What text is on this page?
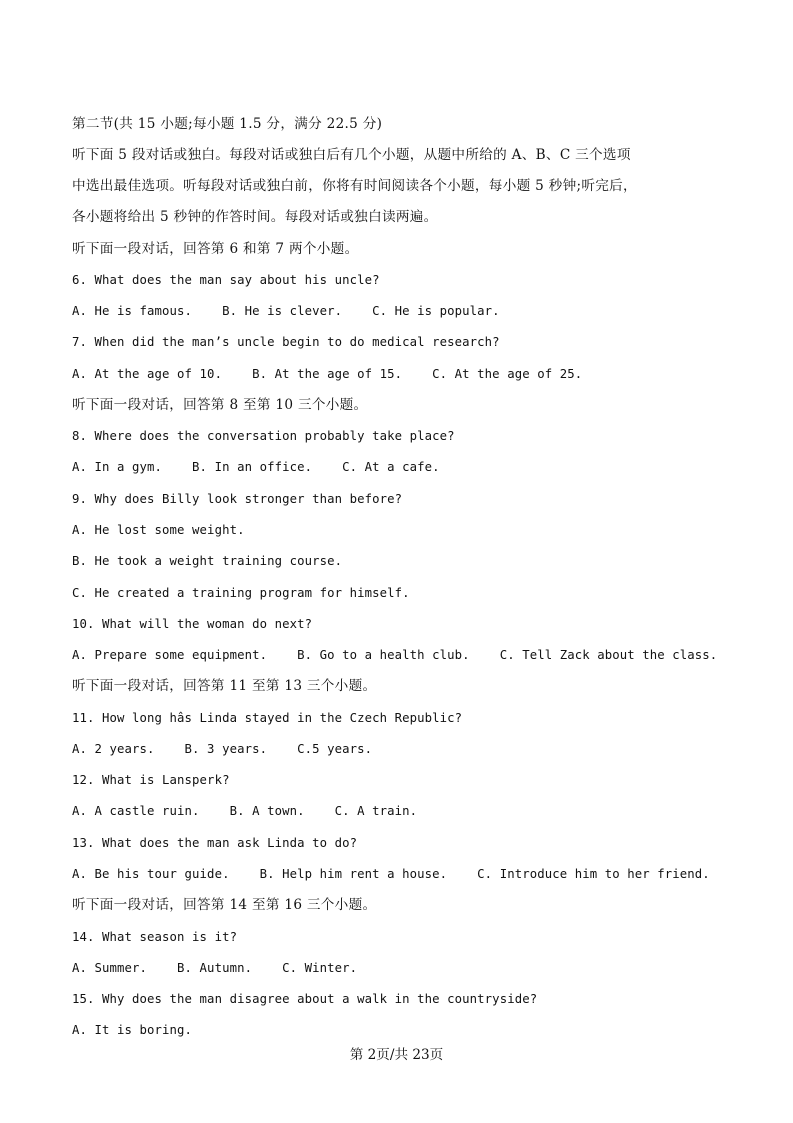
第二节(共 15 小题;每小题 1.5 分，满分 22.5 分)
听下面 5 段对话或独白。每段对话或独白后有几个小题，从题中所给的 A、B、C 三个选项
中选出最佳选项。听每段对话或独白前，你将有时间阅读各个小题，每小题 5 秒钟;听完后，
各小题将给出 5 秒钟的作答时间。每段对话或独白读两遍。
听下面一段对话，回答第 6 和第 7 两个小题。
6. What does the man say about his uncle?
A. He is famous.    B. He is clever.    C. He is popular.
7. When did the man’s uncle begin to do medical research?
A. At the age of 10.    B. At the age of 15.    C. At the age of 25.
听下面一段对话，回答第 8 至第 10 三个小题。
8. Where does the conversation probably take place?
A. In a gym.    B. In an office.    C. At a cafe.
9. Why does Billy look stronger than before?
A. He lost some weight.
B. He took a weight training course.
C. He created a training program for himself.
10. What will the woman do next?
A. Prepare some equipment.    B. Go to a health club.    C. Tell Zack about the class.
听下面一段对话，回答第 11 至第 13 三个小题。
11. How long hâs Linda stayed in the Czech Republic?
A. 2 years.    B. 3 years.    C.5 years.
12. What is Lansperk?
A. A castle ruin.    B. A town.    C. A train.
13. What does the man ask Linda to do?
A. Be his tour guide.    B. Help him rent a house.    C. Introduce him to her friend.
听下面一段对话，回答第 14 至第 16 三个小题。
14. What season is it?
A. Summer.    B. Autumn.    C. Winter.
15. Why does the man disagree about a walk in the countryside?
A. It is boring.
第 2页/共 23页
